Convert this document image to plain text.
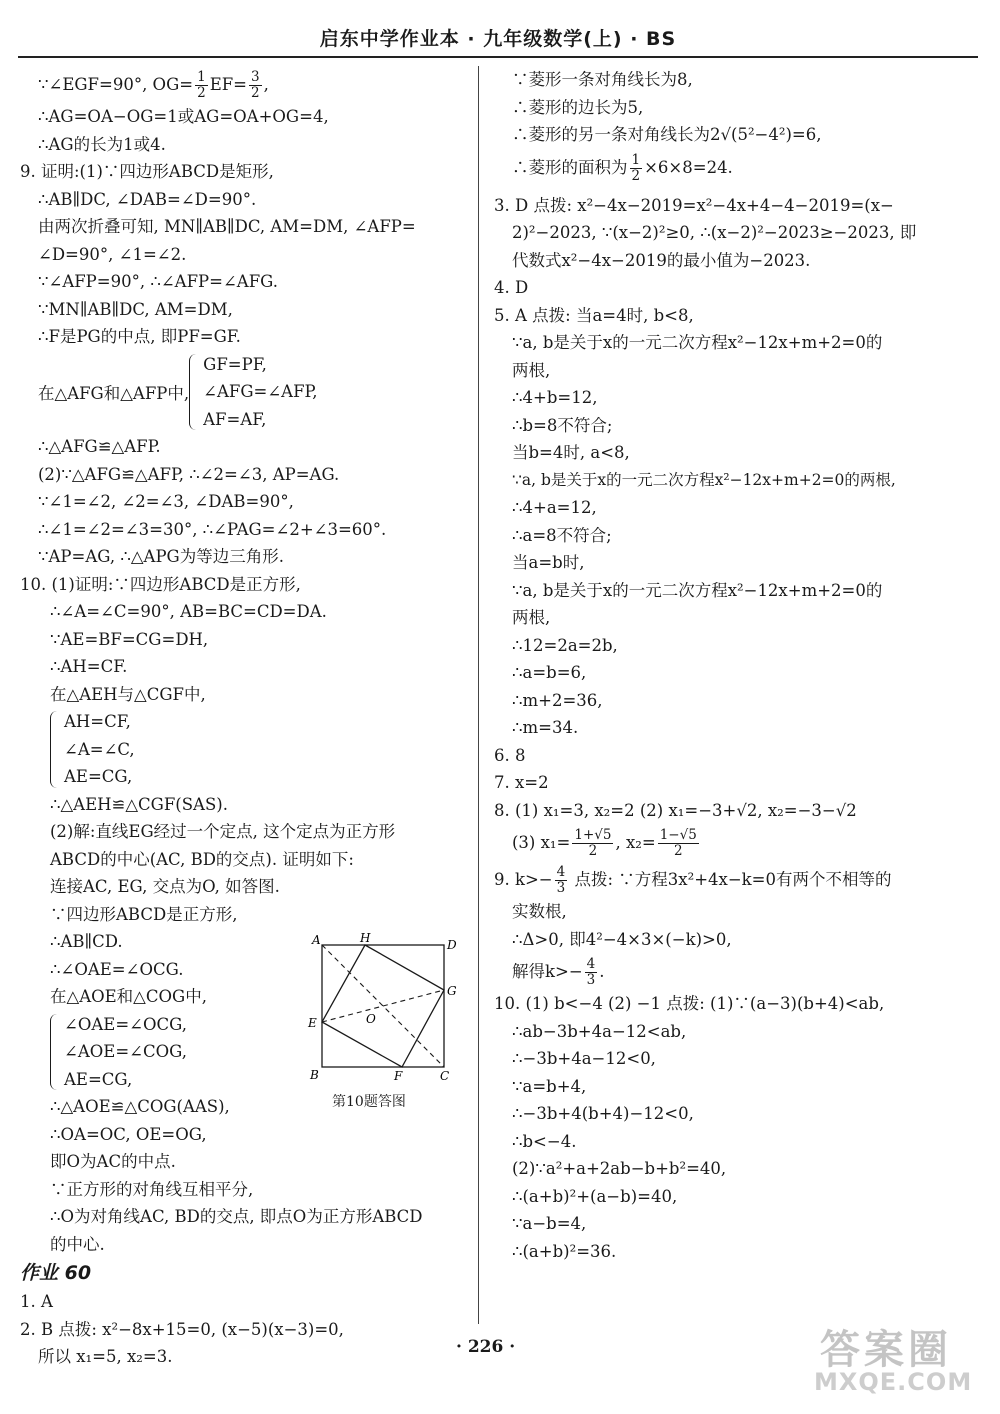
启东中学作业本 · 九年级数学(上) · BS
∵∠EGF=90°, $OG= \frac{1}{2} EF= \frac{3}{2}$ ,
∴AG=OA−OG=1或AG=OA+OG=4,
∴AG的长为1或4.
9. 证明:(1)∵四边形ABCD是矩形,
∴AB∥DC, ∠DAB=∠D=90°.
由两次折叠可知, MN∥AB∥DC, AM=DM, ∠AFP=
∠D=90°, ∠1=∠2.
∵∠AFP=90°, ∴∠AFP=∠AFG.
∵MN∥AB∥DC, AM=DM,
∴F是PG的中点, 即PF=GF.
在△AFG和△AFP中,
GF=PF,
∠AFG=∠AFP,
AF=AF,
∴△AFG≌△AFP.
(2)∵△AFG≌△AFP, ∴∠2=∠3, AP=AG.
∵∠1=∠2, ∠2=∠3, ∠DAB=90°,
∴∠1=∠2=∠3=30°, ∴∠PAG=∠2+∠3=60°.
∵AP=AG, ∴△APG为等边三角形.
10. (1)证明:∵四边形ABCD是正方形,
∴∠A=∠C=90°, AB=BC=CD=DA.
∵AE=BF=CG=DH,
∴AH=CF.
在△AEH与△CGF中,
AH=CF,
∠A=∠C,
AE=CG,
∴△AEH≌△CGF(SAS).
(2)解:直线EG经过一个定点, 这个定点为正方形
ABCD的中心(AC, BD的交点). 证明如下:
连接AC, EG, 交点为O, 如答图.
∵四边形ABCD是正方形,
∴AB∥CD.
∴∠OAE=∠OCG.
在△AOE和△COG中,
∠OAE=∠OCG,
∠AOE=∠COG,
AE=CG,
∴△AOE≌△COG(AAS),
∴OA=OC, OE=OG,
即O为AC的中点.
∵正方形的对角线互相平分,
∴O为对角线AC, BD的交点, 即点O为正方形ABCD
的中心.
作业 60
1. A
2. B 点拨: x²−8x+15=0, (x−5)(x−3)=0,
所以 x₁=5, x₂=3.
A	H	D
G
E	O
B	F	C
第10题答图
∵菱形一条对角线长为8,
∴菱形的边长为5,
∴菱形的另一条对角线长为2√(5²−4²)=6,
∴菱形的面积为 $\frac{1}{2} \times 6\times 8=24$.
3. D 点拨: x²−4x−2019=x²−4x+4−4−2019=(x−
2)²−2023, ∵(x−2)²≥0, ∴(x−2)²−2023≥−2023, 即
代数式x²−4x−2019的最小值为−2023.
4. D
5. A 点拨: 当a=4时, b<8,
∵a, b是关于x的一元二次方程x²−12x+m+2=0的
两根,
∴4+b=12,
∴b=8不符合;
当b=4时, a<8,
∵a, b是关于x的一元二次方程x²−12x+m+2=0的两根,
∴4+a=12,
∴a=8不符合;
当a=b时,
∵a, b是关于x的一元二次方程x²−12x+m+2=0的
两根,
∴12=2a=2b,
∴a=b=6,
∴m+2=36,
∴m=34.
6. 8
7. x=2
8. (1) x₁=3, x₂=2 (2) x₁=−3+√2, x₂=−3−√2
(3) $x_1= \frac{1+√5}{2}$ , $x_2= \frac{1-√5}{2}$
9. $k>- \frac{4}{3}$ 点拨: ∵方程3x²+4x−k=0有两个不相等的
实数根,
∴Δ>0, 即4²−4×3×(−k)>0,
解得$k>- \frac{4}{3}$ .
10. (1) b<−4 (2) −1 点拨: (1)∵(a−3)(b+4)<ab,
∴ab−3b+4a−12<ab,
∴−3b+4a−12<0,
∵a=b+4,
∴−3b+4(b+4)−12<0,
∴b<−4.
(2)∵a²+a+2ab−b+b²=40,
∴(a+b)²+(a−b)=40,
∵a−b=4,
∴(a+b)²=36.
· 226 ·	答案圈
MXQE.COM
